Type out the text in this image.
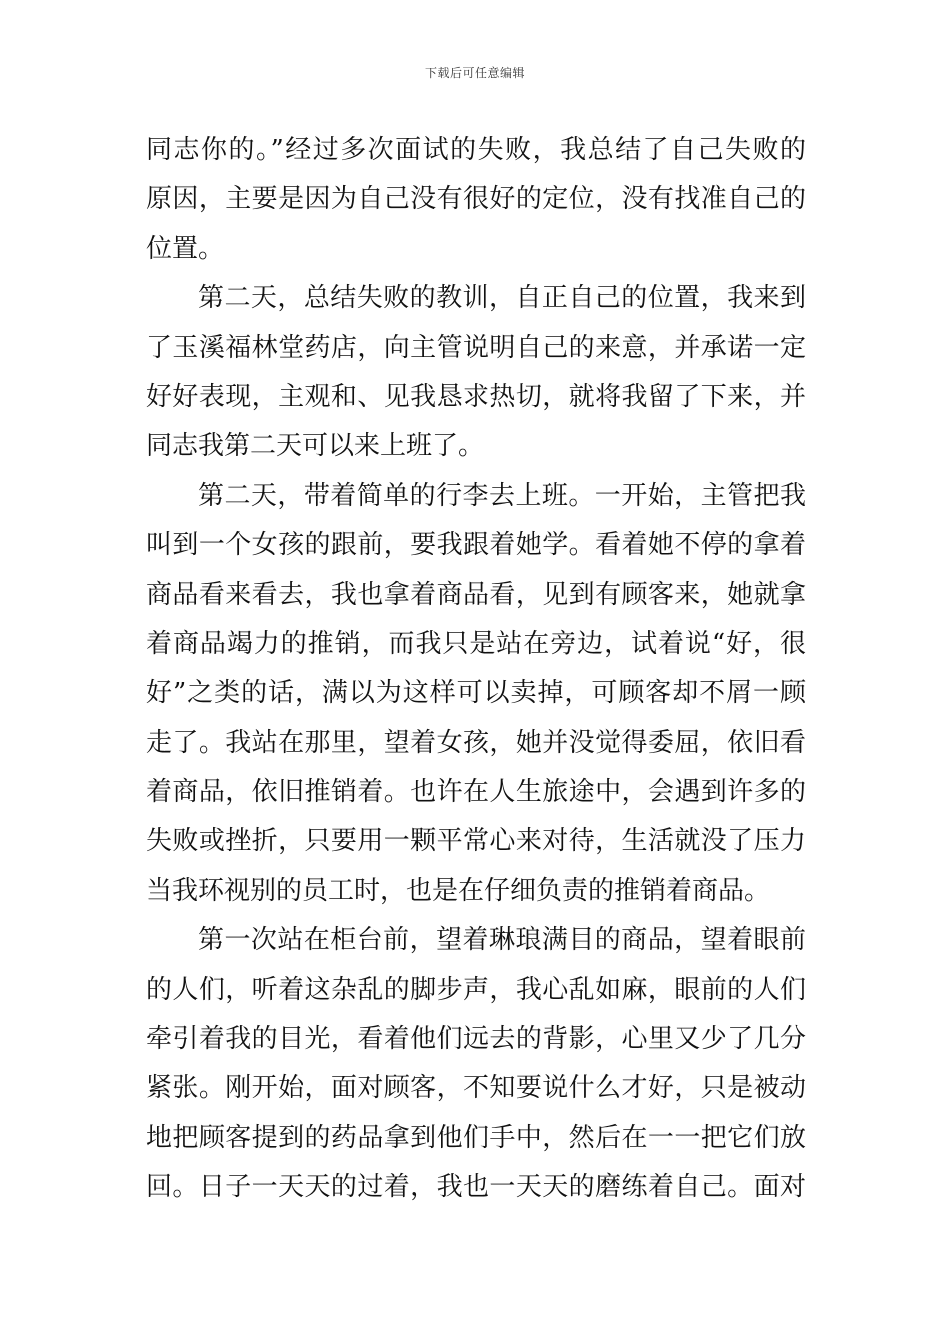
下载后可任意编辑
同志你的。”经过多次面试的失败，我总结了自己失败的
原因，主要是因为自己没有很好的定位，没有找准自己的
位置。
第二天，总结失败的教训，自正自己的位置，我来到
了玉溪福林堂药店，向主管说明自己的来意，并承诺一定
好好表现，主观和、见我恳求热切，就将我留了下来，并
同志我第二天可以来上班了。
第二天，带着简单的行李去上班。一开始，主管把我
叫到一个女孩的跟前，要我跟着她学。看着她不停的拿着
商品看来看去，我也拿着商品看，见到有顾客来，她就拿
着商品竭力的推销，而我只是站在旁边，试着说“好，很
好”之类的话，满以为这样可以卖掉，可顾客却不屑一顾
走了。我站在那里，望着女孩，她并没觉得委屈，依旧看
着商品，依旧推销着。也许在人生旅途中，会遇到许多的
失败或挫折，只要用一颗平常心来对待，生活就没了压力
当我环视别的员工时，也是在仔细负责的推销着商品。
第一次站在柜台前，望着琳琅满目的商品，望着眼前
的人们，听着这杂乱的脚步声，我心乱如麻，眼前的人们
牵引着我的目光，看着他们远去的背影，心里又少了几分
紧张。刚开始，面对顾客，不知要说什么才好，只是被动
地把顾客提到的药品拿到他们手中，然后在一一把它们放
回。日子一天天的过着，我也一天天的磨练着自己。面对
